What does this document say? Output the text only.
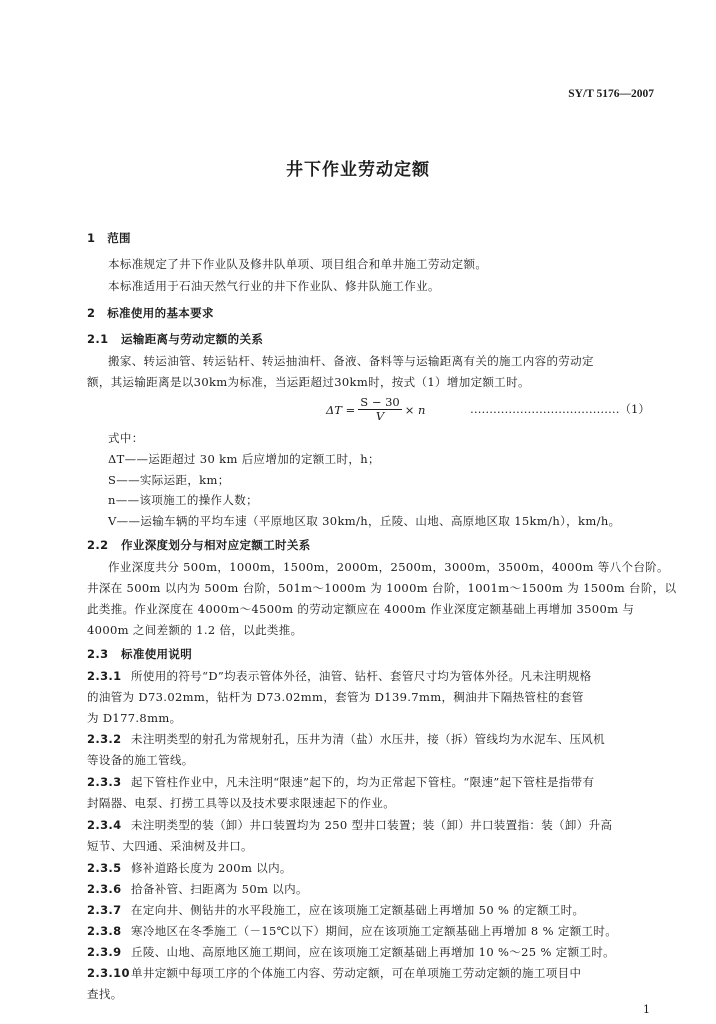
SY/T 5176—2007
井下作业劳动定额
1　范围
本标准规定了井下作业队及修井队单项、项目组合和单井施工劳动定额。
本标准适用于石油天然气行业的井下作业队、修井队施工作业。
2　标准使用的基本要求
2.1 运输距离与劳动定额的关系
搬家、转运油管、转运钻杆、转运抽油杆、备液、备料等与运输距离有关的施工内容的劳动定
额，其运输距离是以30km为标准，当运距超过30km时，按式（1）增加定额工时。
$\Delta T = \frac{S - 30}{V} \times n$	…………………………………（1）
式中：
ΔT——运距超过 30 km 后应增加的定额工时，h；
S——实际运距，km；
n——该项施工的操作人数；
V——运输车辆的平均车速（平原地区取 30km/h，丘陵、山地、高原地区取 15km/h），km/h。
2.2 作业深度划分与相对应定额工时关系
作业深度共分 500m，1000m，1500m，2000m，2500m，3000m，3500m，4000m 等八个台阶。
井深在 500m 以内为 500m 台阶，501m～1000m 为 1000m 台阶，1001m～1500m 为 1500m 台阶，以
此类推。作业深度在 4000m～4500m 的劳动定额应在 4000m 作业深度定额基础上再增加 3500m 与
4000m 之间差额的 1.2 倍，以此类推。
2.3 标准使用说明
2.3.1 所使用的符号“D”均表示管体外径，油管、钻杆、套管尺寸均为管体外径。凡未注明规格
的油管为 D73.02mm，钻杆为 D73.02mm，套管为 D139.7mm，稠油井下隔热管柱的套管
为 D177.8mm。
2.3.2 未注明类型的射孔为常规射孔，压井为清（盐）水压井，接（拆）管线均为水泥车、压风机
等设备的施工管线。
2.3.3 起下管柱作业中，凡未注明“限速”起下的，均为正常起下管柱。“限速”起下管柱是指带有
封隔器、电泵、打捞工具等以及技术要求限速起下的作业。
2.3.4 未注明类型的装（卸）井口装置均为 250 型井口装置；装（卸）井口装置指：装（卸）升高
短节、大四通、采油树及井口。
2.3.5 修补道路长度为 200m 以内。
2.3.6 拾备补管、扫距离为 50m 以内。
2.3.7 在定向井、侧钻井的水平段施工，应在该项施工定额基础上再增加 50 % 的定额工时。
2.3.8 寒冷地区在冬季施工（－15℃以下）期间，应在该项施工定额基础上再增加 8 % 定额工时。
2.3.9 丘陵、山地、高原地区施工期间，应在该项施工定额基础上再增加 10 %～25 % 定额工时。
2.3.10单井定额中每项工序的个体施工内容、劳动定额，可在单项施工劳动定额的施工项目中
查找。
1
